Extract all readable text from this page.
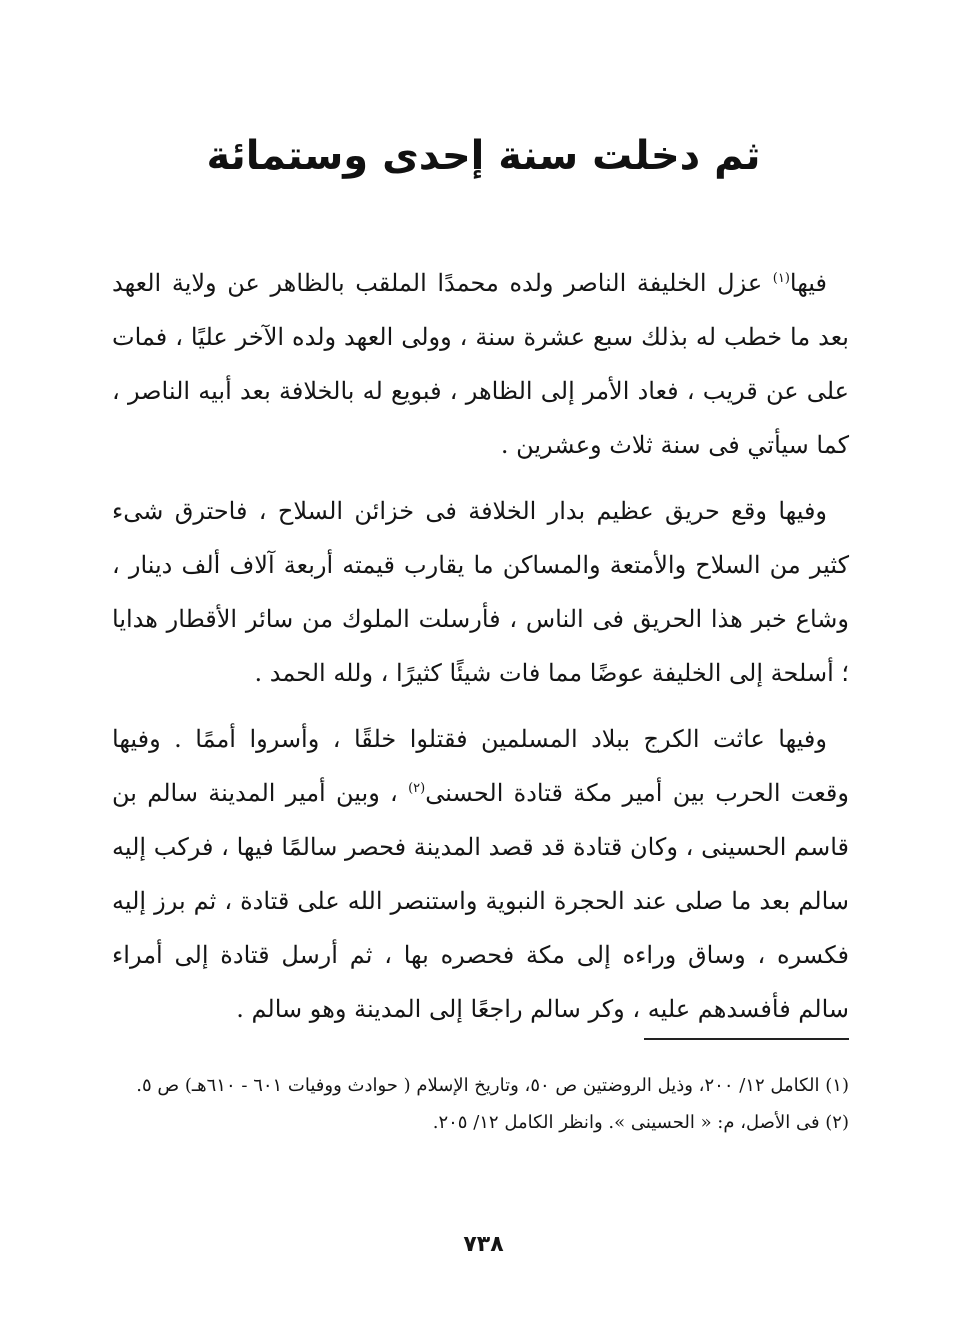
ثم دخلت سنة إحدى وستمائة

فيها$^{(١)}$ عزل الخليفة الناصر ولده محمدًا الملقب بالظاهر عن ولاية العهد بعد ما خطب له بذلك سبع عشرة سنة ، وولى العهد ولده الآخر عليًا ، فمات على عن قريب ، فعاد الأمر إلى الظاهر ، فبويع له بالخلافة بعد أبيه الناصر ، كما سيأتي فى سنة ثلاث وعشرين .

وفيها وقع حريق عظيم بدار الخلافة فى خزائن السلاح ، فاحترق شىء كثير من السلاح والأمتعة والمساكن ما يقارب قيمته أربعة آلاف ألف دينار ، وشاع خبر هذا الحريق فى الناس ، فأرسلت الملوك من سائر الأقطار هدايا ؛ أسلحة إلى الخليفة عوضًا مما فات شيئًا كثيرًا ، ولله الحمد .

وفيها عاثت الكرج ببلاد المسلمين فقتلوا خلقًا ، وأسروا أممًا . وفيها وقعت الحرب بين أمير مكة قتادة الحسنى$^{(٢)}$ ، وبين أمير المدينة سالم بن قاسم الحسينى ، وكان قتادة قد قصد المدينة فحصر سالمًا فيها ، فركب إليه سالم بعد ما صلى عند الحجرة النبوية واستنصر الله على قتادة ، ثم برز إليه فكسره ، وساق وراءه إلى مكة فحصره بها ، ثم أرسل قتادة إلى أمراء سالم فأفسدهم عليه ، وكر سالم راجعًا إلى المدينة وهو سالم .

(١) الكامل ١٢/ ٢٠٠، وذيل الروضتين ص ٥٠، وتاريخ الإسلام ( حوادث ووفيات ٦٠١ - ٦١٠هـ) ص ٥.

(٢) فى الأصل، م: « الحسينى ». وانظر الكامل ١٢/ ٢٠٥.

٧٣٨
